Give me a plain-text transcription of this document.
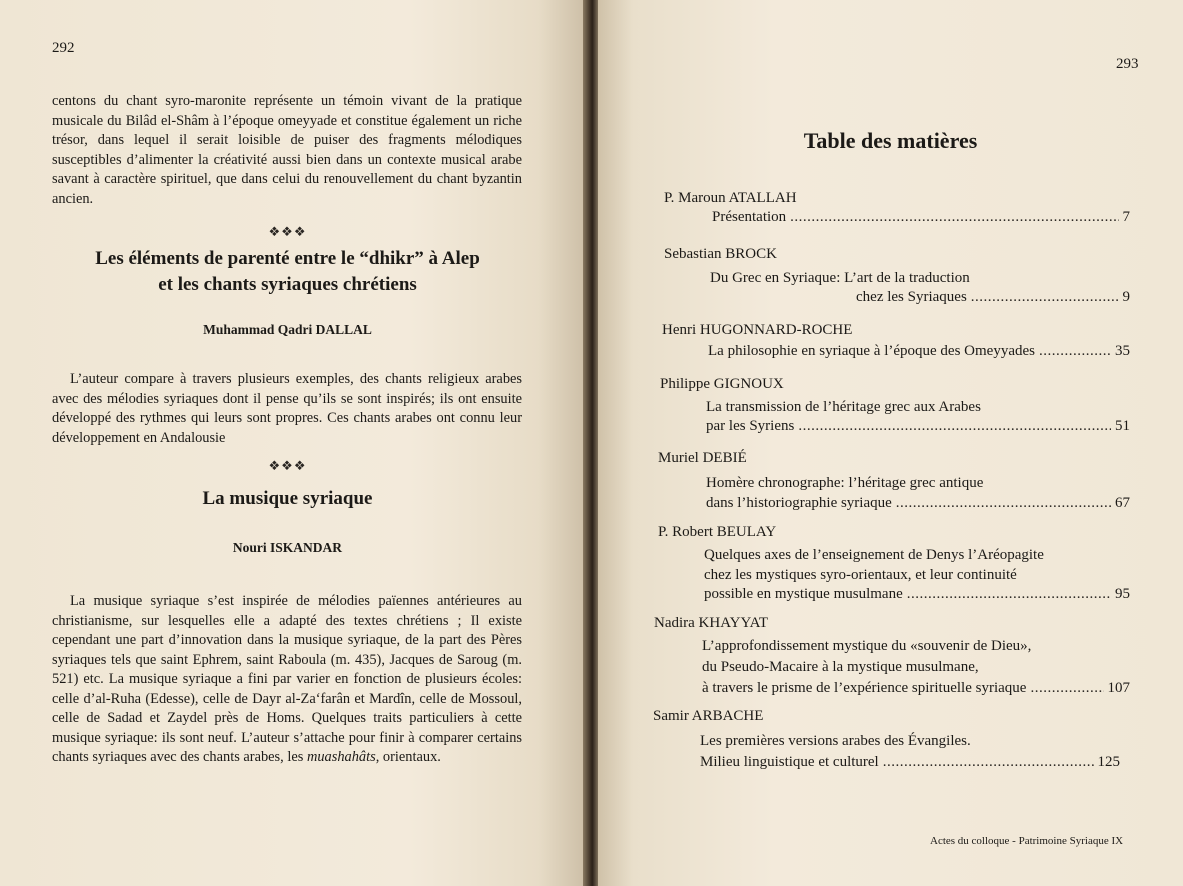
292

centons du chant syro-maronite représente un témoin vivant de la pratique musicale du Bilâd el-Shâm à l’époque omeyyade et constitue également un riche trésor, dans lequel il serait loisible de puiser des fragments mélodiques susceptibles d’alimenter la créativité aussi bien dans un contexte musical arabe savant à caractère spirituel, que dans celui du renouvellement du chant byzantin ancien.

❖❖❖
Les éléments de parenté entre le “dhikr” à Alep
et les chants syriaques chrétiens
Muhammad Qadri DALLAL

L’auteur compare à travers plusieurs exemples, des chants religieux arabes avec des mélodies syriaques dont il pense qu’ils se sont inspirés; ils ont ensuite développé des rythmes qui leurs sont propres. Ces chants arabes ont connu leur développement en Andalousie

❖❖❖
La musique syriaque
Nouri ISKANDAR

La musique syriaque s’est inspirée de mélodies païennes antérieures au christianisme, sur lesquelles elle a adapté des textes chrétiens ; Il existe cependant une part d’innovation dans la musique syriaque, de la part des Pères syriaques tels que saint Ephrem, saint Raboula (m. 435), Jacques de Saroug (m. 521) etc. La musique syriaque a fini par varier en fonction de plusieurs écoles: celle d’al-Ruha (Edesse), celle de Dayr al-Za‘farân et Mardîn, celle de Mossoul, celle de Sadad et Zaydel près de Homs. Quelques traits particuliers à cette musique syriaque: ils sont neuf. L’auteur s’attache pour finir à comparer certains chants syriaques avec des chants arabes, les muashahâts, orientaux.

293
Table des matières
P. Maroun ATALLAH
Présentation .....	7
Sebastian BROCK
Du Grec en Syriaque: L’art de la traduction
chez les Syriaques .....	9
Henri HUGONNARD-ROCHE
La philosophie en syriaque à l’époque des Omeyyades .....	35
Philippe GIGNOUX
La transmission de l’héritage grec aux Arabes
par les Syriens .....	51
Muriel DEBIÉ
Homère chronographe: l’héritage grec antique
dans l’historiographie syriaque .....	67
P. Robert BEULAY
Quelques axes de l’enseignement de Denys l’Aréopagite
chez les mystiques syro-orientaux, et leur continuité
possible en mystique musulmane .....	95
Nadira KHAYYAT
L’approfondissement mystique du «souvenir de Dieu»,
du Pseudo-Macaire à la mystique musulmane,
à travers le prisme de l’expérience spirituelle syriaque .....	107
Samir ARBACHE
Les premières versions arabes des Évangiles.
Milieu linguistique et culturel .....	125
Actes du colloque - Patrimoine Syriaque IX
